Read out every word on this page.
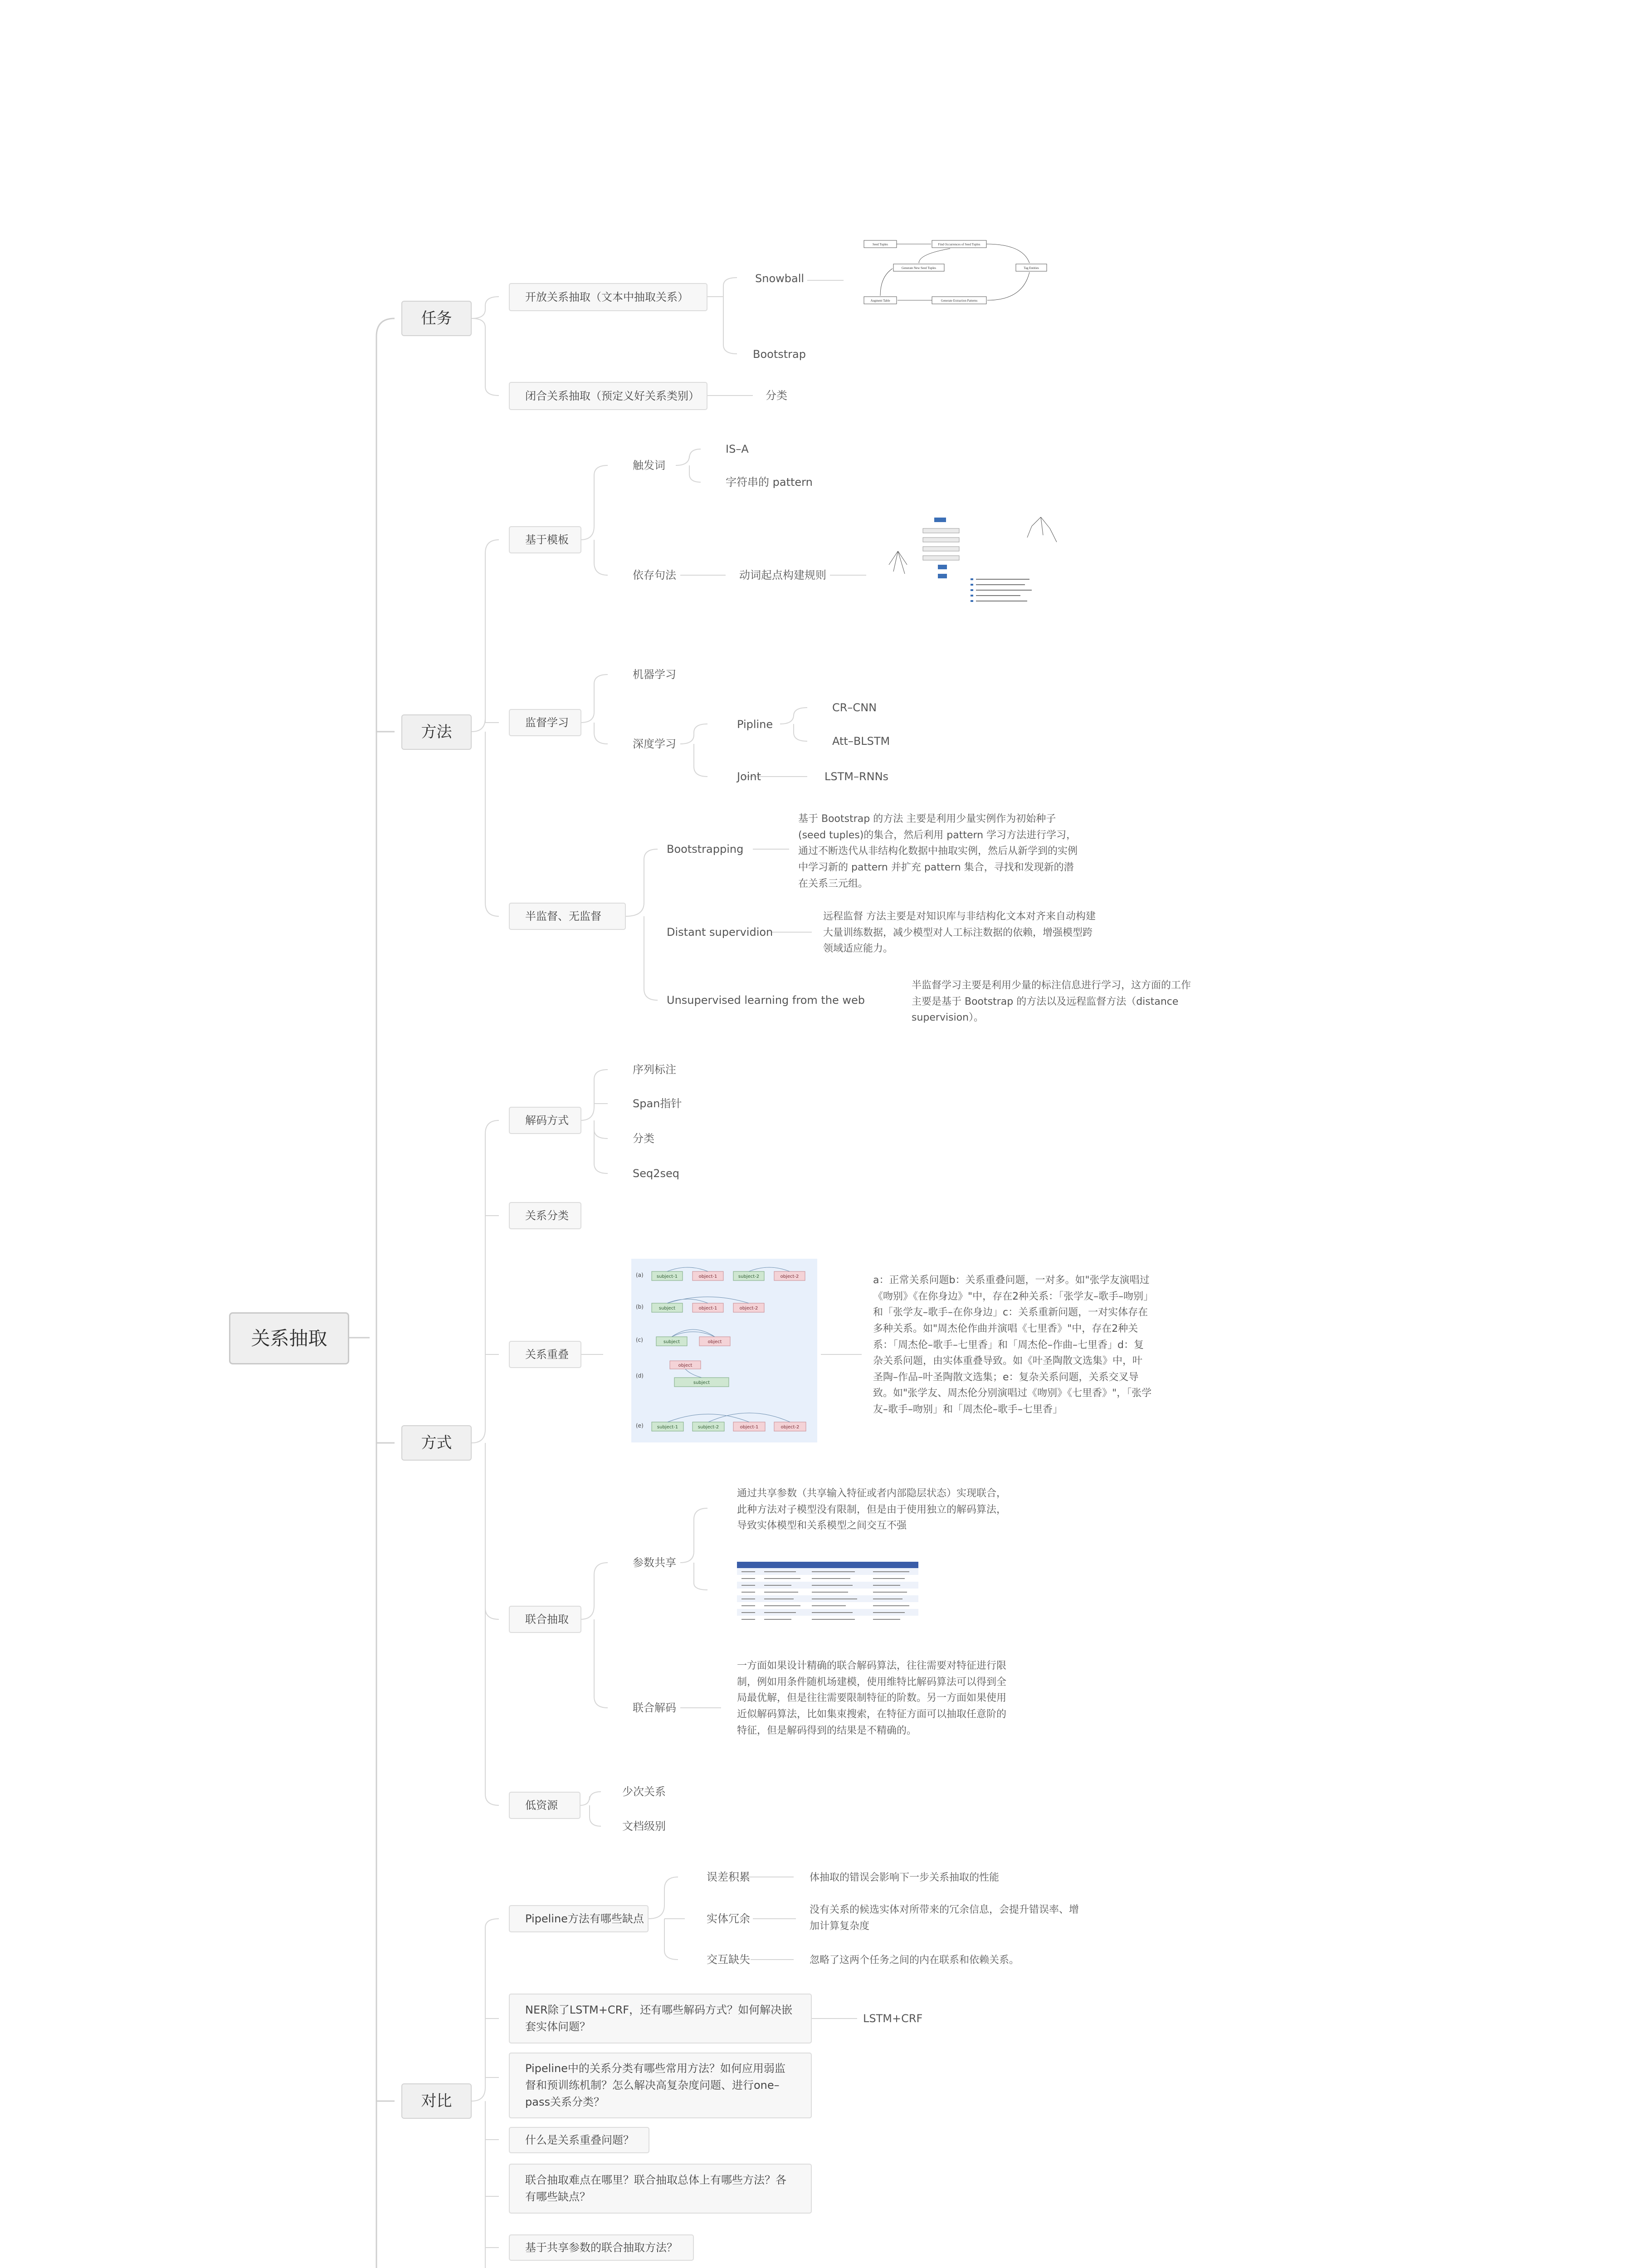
关系抽取
任务
方法
方式
对比
开放关系抽取（文本中抽取关系）
Snowball
Bootstrap
闭合关系抽取（预定义好关系类别）	分类
Seed Tuples	Find Occurrences of Seed Tuples
Generate New Seed Tuples	Tag Entities
Augment Table	Generate Extraction Patterns
基于模板
触发词
IS–A
字符串的 pattern
依存句法	动词起点构建规则
监督学习
机器学习
深度学习
Pipline
CR–CNN
Att–BLSTM
Joint	LSTM–RNNs
半监督、无监督
Bootstrapping
基于 Bootstrap 的方法 主要是利用少量实例作为初始种子(seed tuples)的集合，然后利用 pattern 学习方法进行学习，通过不断迭代从非结构化数据中抽取实例，然后从新学到的实例中学习新的 pattern 并扩充 pattern 集合，寻找和发现新的潜在关系三元组。
Distant supervidion
远程监督 方法主要是对知识库与非结构化文本对齐来自动构建大量训练数据，减少模型对人工标注数据的依赖，增强模型跨领域适应能力。
Unsupervised learning from the web
半监督学习主要是利用少量的标注信息进行学习，这方面的工作主要是基于 Bootstrap 的方法以及远程监督方法（distance supervision）。
解码方式
序列标注
Span指针
分类
Seq2seq
关系分类
关系重叠
(a)
(b)
(c)
(d)
(e)
subject-1	object-1	subject-2	object-2
subject	object-1	object-2
subject	object
object
subject
subject-1	subject-2	object-1	object-2
a：正常关系问题b：关系重叠问题，一对多。如"张学友演唱过《吻别》《在你身边》"中，存在2种关系：「张学友–歌手–吻别」和「张学友–歌手–在你身边」c：关系重新问题，一对实体存在多种关系。如"周杰伦作曲并演唱《七里香》"中，存在2种关系：「周杰伦–歌手–七里香」和「周杰伦–作曲–七里香」d：复杂关系问题，由实体重叠导致。如《叶圣陶散文选集》中，叶圣陶–作品–叶圣陶散文选集；e：复杂关系问题，关系交叉导致。如"张学友、周杰伦分别演唱过《吻别》《七里香》"，「张学友–歌手–吻别」和「周杰伦–歌手–七里香」
联合抽取
参数共享
通过共享参数（共享输入特征或者内部隐层状态）实现联合，此种方法对子模型没有限制，但是由于使用独立的解码算法，导致实体模型和关系模型之间交互不强
联合解码
一方面如果设计精确的联合解码算法，往往需要对特征进行限制，例如用条件随机场建模，使用维特比解码算法可以得到全局最优解，但是往往需要限制特征的阶数。另一方面如果使用近似解码算法，比如集束搜索，在特征方面可以抽取任意阶的特征，但是解码得到的结果是不精确的。
低资源
少次关系
文档级别
Pipeline方法有哪些缺点
误差积累	体抽取的错误会影响下一步关系抽取的性能
实体冗余
没有关系的候选实体对所带来的冗余信息，会提升错误率、增加计算复杂度
交互缺失	忽略了这两个任务之间的内在联系和依赖关系。
NER除了LSTM+CRF，还有哪些解码方式？如何解决嵌套实体问题？
LSTM+CRF
Pipeline中的关系分类有哪些常用方法？如何应用弱监督和预训练机制？怎么解决高复杂度问题、进行one–pass关系分类？
什么是关系重叠问题？
联合抽取难点在哪里？联合抽取总体上有哪些方法？各有哪些缺点？
基于共享参数的联合抽取方法？
